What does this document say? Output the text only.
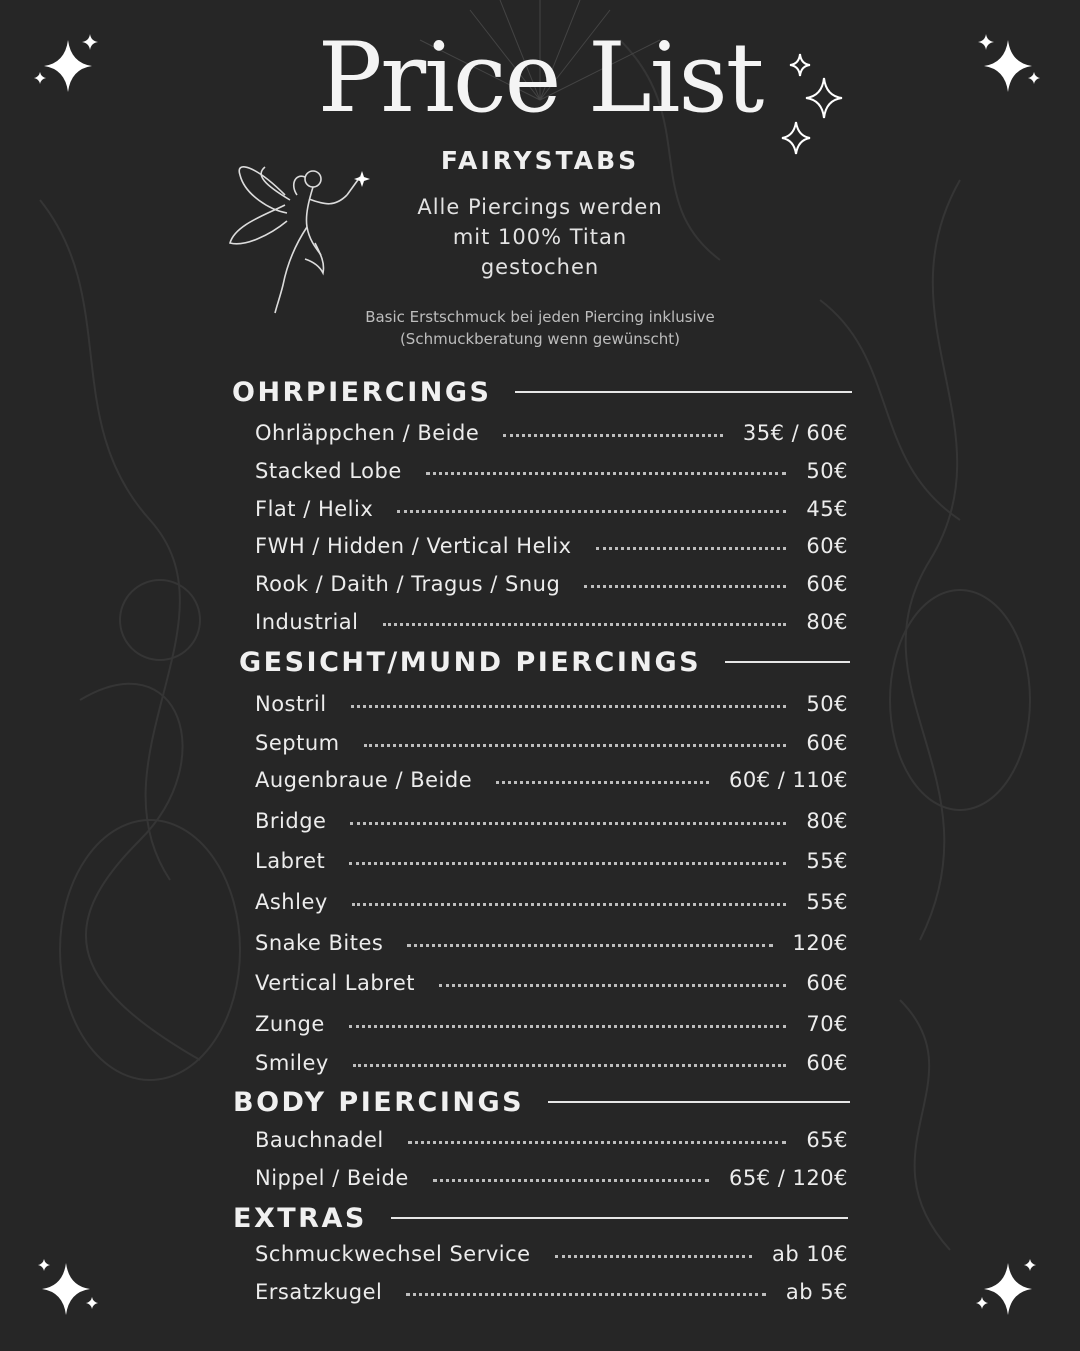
Price List
FAIRYSTABS
Alle Piercings werden
mit 100% Titan
gestochen
Basic Erstschmuck bei jeden Piercing inklusive
(Schmuckberatung wenn gewünscht)
OHRPIERCINGS
Ohrläppchen / Beide	35€ / 60€
Stacked Lobe	50€
Flat / Helix	45€
FWH / Hidden / Vertical Helix	60€
Rook / Daith / Tragus / Snug	60€
Industrial	80€
GESICHT/MUND PIERCINGS
Nostril	50€
Septum	60€
Augenbraue / Beide	60€ / 110€
Bridge	80€
Labret	55€
Ashley	55€
Snake Bites	120€
Vertical Labret	60€
Zunge	70€
Smiley	60€
BODY PIERCINGS
Bauchnadel	65€
Nippel / Beide	65€ / 120€
EXTRAS
Schmuckwechsel Service	ab 10€
Ersatzkugel	ab 5€
